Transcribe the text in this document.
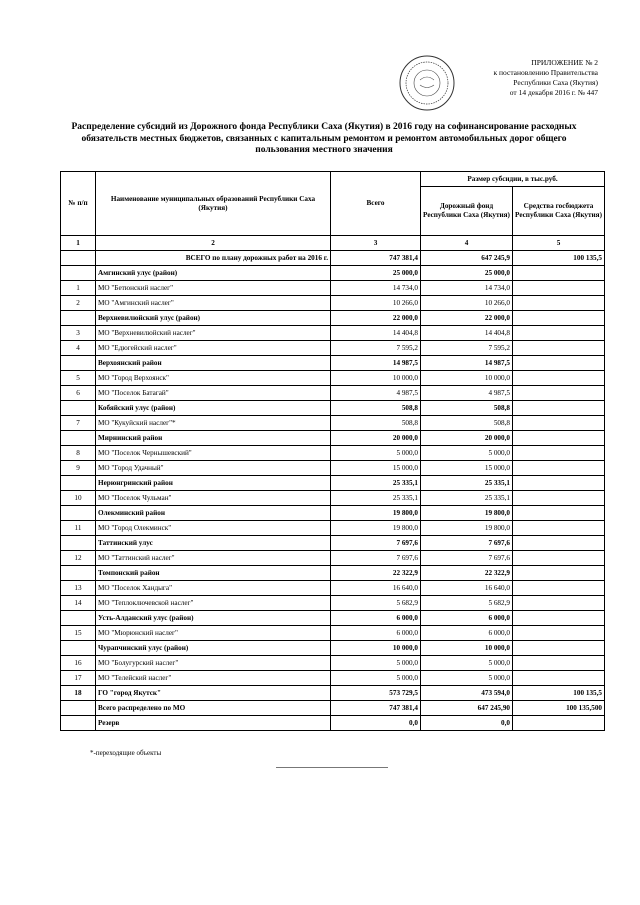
ПРИЛОЖЕНИЕ № 2
к постановлению Правительства
Республики Саха (Якутия)
от 14 декабря 2016 г. № 447
Распределение субсидий из Дорожного фонда Республики Саха (Якутия) в 2016 году на софинансирование расходных обязательств местных бюджетов, связанных с капитальным ремонтом и ремонтом автомобильных дорог общего пользования местного значения
№ п/п	Наименование муниципальных образований Республики Саха (Якутия)	Всего	Размер субсидии, в тыс.руб.	
			Дорожный фонд Республики Саха (Якутия)	Средства госбюджета Республики Саха (Якутия)
1	2	3	4	5
	ВСЕГО по плану дорожных работ на 2016 г.	747 381,4	647 245,9	100 135,5
	Амгинский улус (район)	25 000,0	25 000,0	
1	МО "Бетюнский наслег"	14 734,0	14 734,0	
2	МО "Амгинский наслег"	10 266,0	10 266,0	
	Верхневилюйский улус (район)	22 000,0	22 000,0	
3	МО "Верхневилюйский наслег"	14 404,8	14 404,8	
4	МО "Едюгейский наслег"	7 595,2	7 595,2	
	Верхоянский район	14 987,5	14 987,5	
5	МО "Город Верхоянск"	10 000,0	10 000,0	
6	МО "Поселок Батагай"	4 987,5	4 987,5	
	Кобяйский улус (район)	508,8	508,8	
7	МО "Кукуйский наслег"*	508,8	508,8	
	Мирнинский район	20 000,0	20 000,0	
8	МО "Поселок Чернышевский"	5 000,0	5 000,0	
9	МО "Город Удачный"	15 000,0	15 000,0	
	Нерюнгринский район	25 335,1	25 335,1	
10	МО "Поселок Чульман"	25 335,1	25 335,1	
	Олекминский район	19 800,0	19 800,0	
11	МО "Город Олекминск"	19 800,0	19 800,0	
	Таттинский улус	7 697,6	7 697,6	
12	МО "Таттинский наслег"	7 697,6	7 697,6	
	Томпонский район	22 322,9	22 322,9	
13	МО "Поселок Хандыга"	16 640,0	16 640,0	
14	МО "Теплоключевской наслег"	5 682,9	5 682,9	
	Усть-Алданский улус (район)	6 000,0	6 000,0	
15	МО "Мюрюнский наслег"	6 000,0	6 000,0	
	Чурапчинский улус (район)	10 000,0	10 000,0	
16	МО "Болугурский наслег"	5 000,0	5 000,0	
17	МО "Телейский наслег"	5 000,0	5 000,0	
18	ГО "город Якутск"	573 729,5	473 594,0	100 135,5
	Всего распределено по МО	747 381,4	647 245,90	100 135,500
	Резерв	0,0	0,0	
*-переходящие объекты
